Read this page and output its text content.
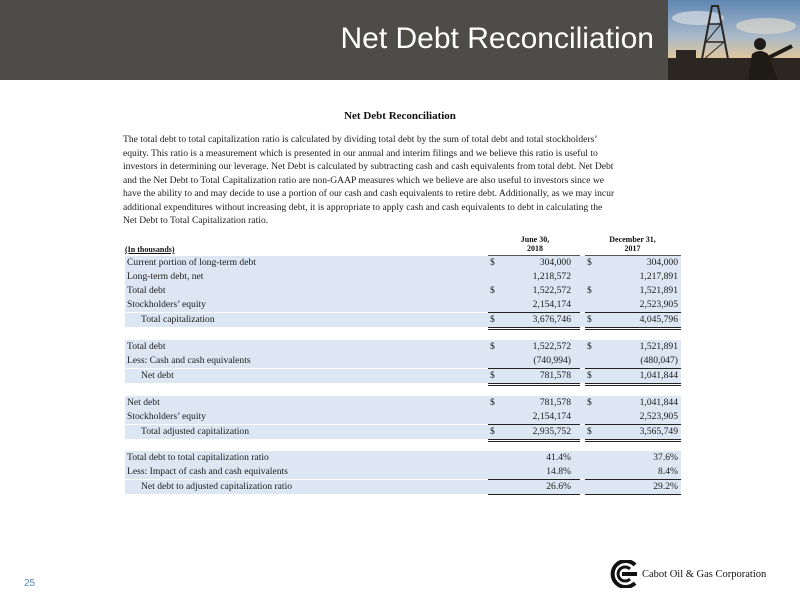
Net Debt Reconciliation
Net Debt Reconciliation
The total debt to total capitalization ratio is calculated by dividing total debt by the sum of total debt and total stockholders’
equity. This ratio is a measurement which is presented in our annual and interim filings and we believe this ratio is useful to
investors in determining our leverage. Net Debt is calculated by subtracting cash and cash equivalents from total debt. Net Debt
and the Net Debt to Total Capitalization ratio are non-GAAP measures which we believe are also useful to investors since we
have the ability to and may decide to use a portion of our cash and cash equivalents to retire debt. Additionally, as we may incur
additional expenditures without increasing debt, it is appropriate to apply cash and cash equivalents to debt in calculating the
Net Debt to Total Capitalization ratio.
June 30,
2018
December 31,
2017
(In thousands)
Current portion of long-term debt	$	304,000 $	304,000
Long-term debt, net	1,218,572	1,217,891
Total debt	$	1,522,572 $	1,521,891
Stockholders’ equity	2,154,174	2,523,905
Total capitalization	$	3,676,746 $	4,045,796
Total debt	$	1,522,572 $	1,521,891
Less: Cash and cash equivalents	(740,994)	(480,047)
Net debt	$	781,578 $	1,041,844
Net debt	$	781,578 $	1,041,844
Stockholders’ equity	2,154,174	2,523,905
Total adjusted capitalization	$	2,935,752 $	3,565,749
Total debt to total capitalization ratio	41.4%	37.6%
Less: Impact of cash and cash equivalents	14.8%	8.4%
Net debt to adjusted capitalization ratio	26.6%	29.2%
25
Cabot Oil & Gas Corporation
